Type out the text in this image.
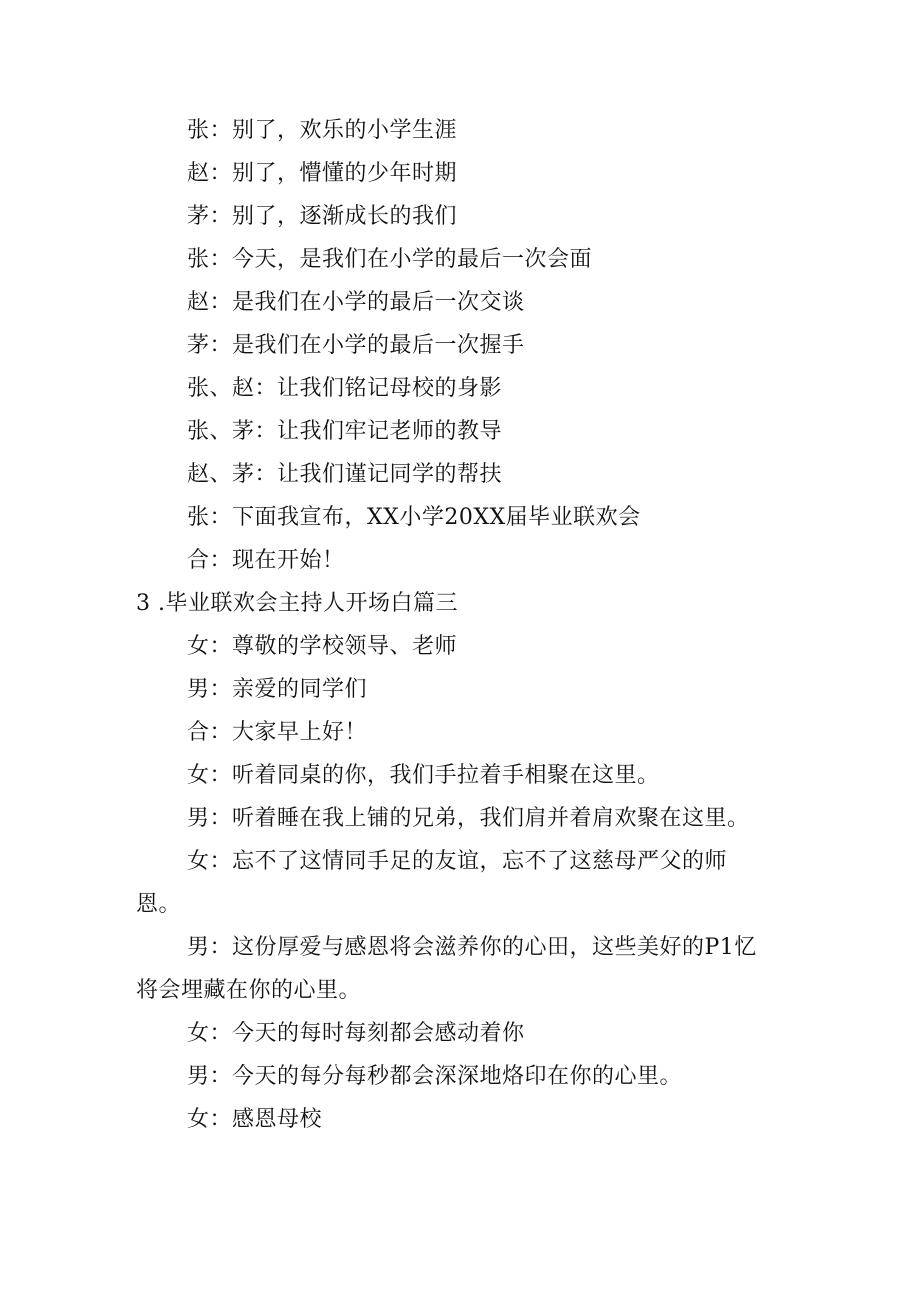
张：别了，欢乐的小学生涯
赵：别了，懵懂的少年时期
茅：别了，逐渐成长的我们
张：今天，是我们在小学的最后一次会面
赵：是我们在小学的最后一次交谈
茅：是我们在小学的最后一次握手
张、赵：让我们铭记母校的身影
张、茅：让我们牢记老师的教导
赵、茅：让我们谨记同学的帮扶
张：下面我宣布，XX小学20XX届毕业联欢会
合：现在开始！
3 .毕业联欢会主持人开场白篇三
女：尊敬的学校领导、老师
男：亲爱的同学们
合：大家早上好！
女：听着同桌的你，我们手拉着手相聚在这里。
男：听着睡在我上铺的兄弟，我们肩并着肩欢聚在这里。
女：忘不了这情同手足的友谊，忘不了这慈母严父的师
恩。
男：这份厚爱与感恩将会滋养你的心田，这些美好的P1忆
将会埋藏在你的心里。
女：今天的每时每刻都会感动着你
男：今天的每分每秒都会深深地烙印在你的心里。
女：感恩母校
